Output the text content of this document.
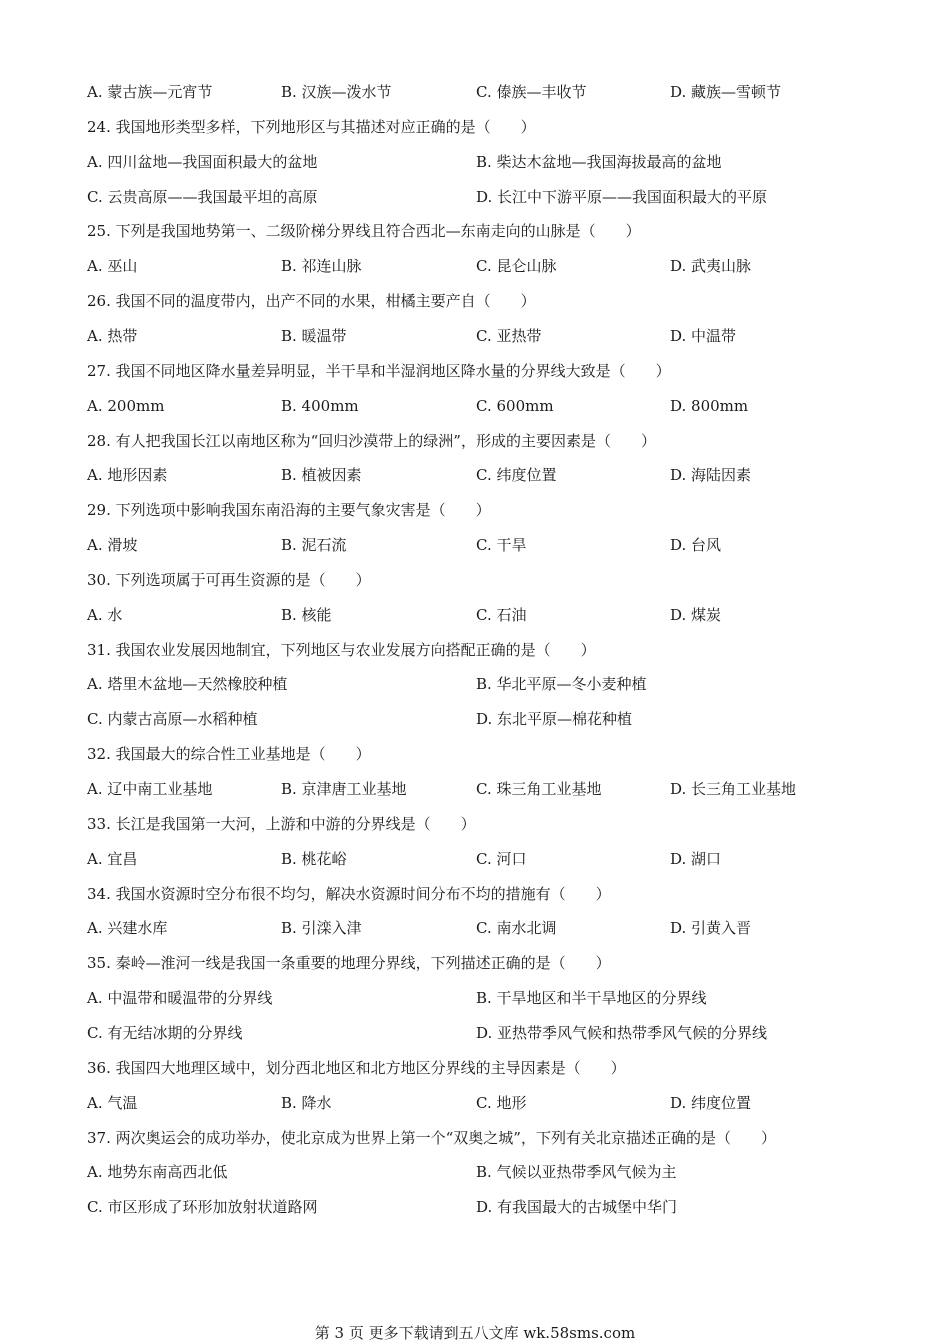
A. 蒙古族—元宵节	B. 汉族—泼水节	C. 傣族—丰收节	D. 藏族—雪顿节
24. 我国地形类型多样，下列地形区与其描述对应正确的是（　　）
A. 四川盆地—我国面积最大的盆地	B. 柴达木盆地—我国海拔最高的盆地
C. 云贵高原——我国最平坦的高原	D. 长江中下游平原——我国面积最大的平原
25. 下列是我国地势第一、二级阶梯分界线且符合西北—东南走向的山脉是（　　）
A. 巫山	B. 祁连山脉	C. 昆仑山脉	D. 武夷山脉
26. 我国不同的温度带内，出产不同的水果，柑橘主要产自（　　）
A. 热带	B. 暖温带	C. 亚热带	D. 中温带
27. 我国不同地区降水量差异明显，半干旱和半湿润地区降水量的分界线大致是（　　）
A. 200mm	B. 400mm	C. 600mm	D. 800mm
28. 有人把我国长江以南地区称为“回归沙漠带上的绿洲”，形成的主要因素是（　　）
A. 地形因素	B. 植被因素	C. 纬度位置	D. 海陆因素
29. 下列选项中影响我国东南沿海的主要气象灾害是（　　）
A. 滑坡	B. 泥石流	C. 干旱	D. 台风
30. 下列选项属于可再生资源的是（　　）
A. 水	B. 核能	C. 石油	D. 煤炭
31. 我国农业发展因地制宜，下列地区与农业发展方向搭配正确的是（　　）
A. 塔里木盆地—天然橡胶种植	B. 华北平原—冬小麦种植
C. 内蒙古高原—水稻种植	D. 东北平原—棉花种植
32. 我国最大的综合性工业基地是（　　）
A. 辽中南工业基地	B. 京津唐工业基地	C. 珠三角工业基地	D. 长三角工业基地
33. 长江是我国第一大河，上游和中游的分界线是（　　）
A. 宜昌	B. 桃花峪	C. 河口	D. 湖口
34. 我国水资源时空分布很不均匀，解决水资源时间分布不均的措施有（　　）
A. 兴建水库	B. 引滦入津	C. 南水北调	D. 引黄入晋
35. 秦岭—淮河一线是我国一条重要的地理分界线，下列描述正确的是（　　）
A. 中温带和暖温带的分界线	B. 干旱地区和半干旱地区的分界线
C. 有无结冰期的分界线	D. 亚热带季风气候和热带季风气候的分界线
36. 我国四大地理区域中，划分西北地区和北方地区分界线的主导因素是（　　）
A. 气温	B. 降水	C. 地形	D. 纬度位置
37. 两次奥运会的成功举办，使北京成为世界上第一个“双奥之城”，下列有关北京描述正确的是（　　）
A. 地势东南高西北低	B. 气候以亚热带季风气候为主
C. 市区形成了环形加放射状道路网	D. 有我国最大的古城堡中华门
第 3 页 更多下载请到五八文库 wk.58sms.com
